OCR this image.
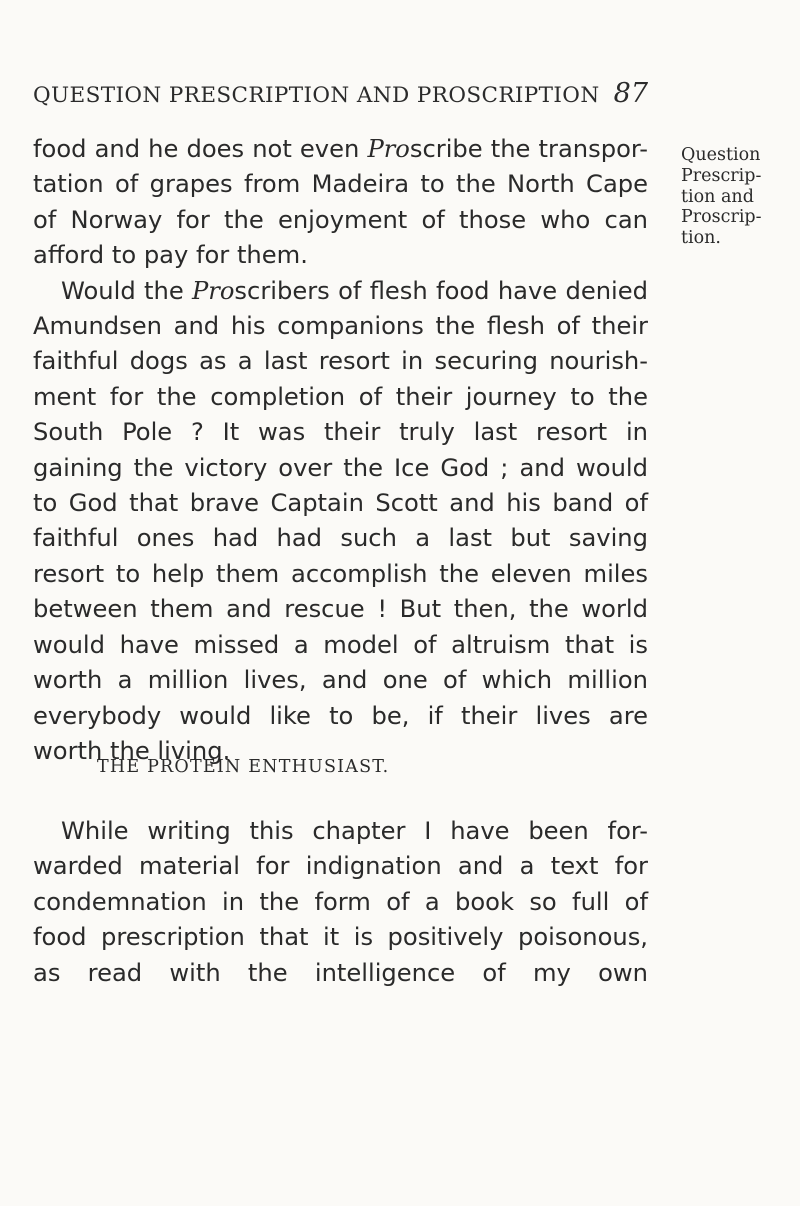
QUESTION PRESCRIPTION AND PROSCRIPTION 87
Question
Prescrip-
tion and
Proscrip-
tion.
food and he does not even Proscribe the transpor-
tation of grapes from Madeira to the North Cape
of Norway for the enjoyment of those who can
afford to pay for them.
Would the Proscribers of flesh food have denied
Amundsen and his companions the flesh of their
faithful dogs as a last resort in securing nourish-
ment for the completion of their journey to the
South Pole ? It was their truly last resort in
gaining the victory over the Ice God ; and would
to God that brave Captain Scott and his band of
faithful ones had had such a last but saving
resort to help them accomplish the eleven miles
between them and rescue ! But then, the world
would have missed a model of altruism that is
worth a million lives, and one of which million
everybody would like to be, if their lives are
worth the living.
THE PROTEIN ENTHUSIAST.
While writing this chapter I have been for-
warded material for indignation and a text for
condemnation in the form of a book so full of
food prescription that it is positively poisonous,
as read with the intelligence of my own
